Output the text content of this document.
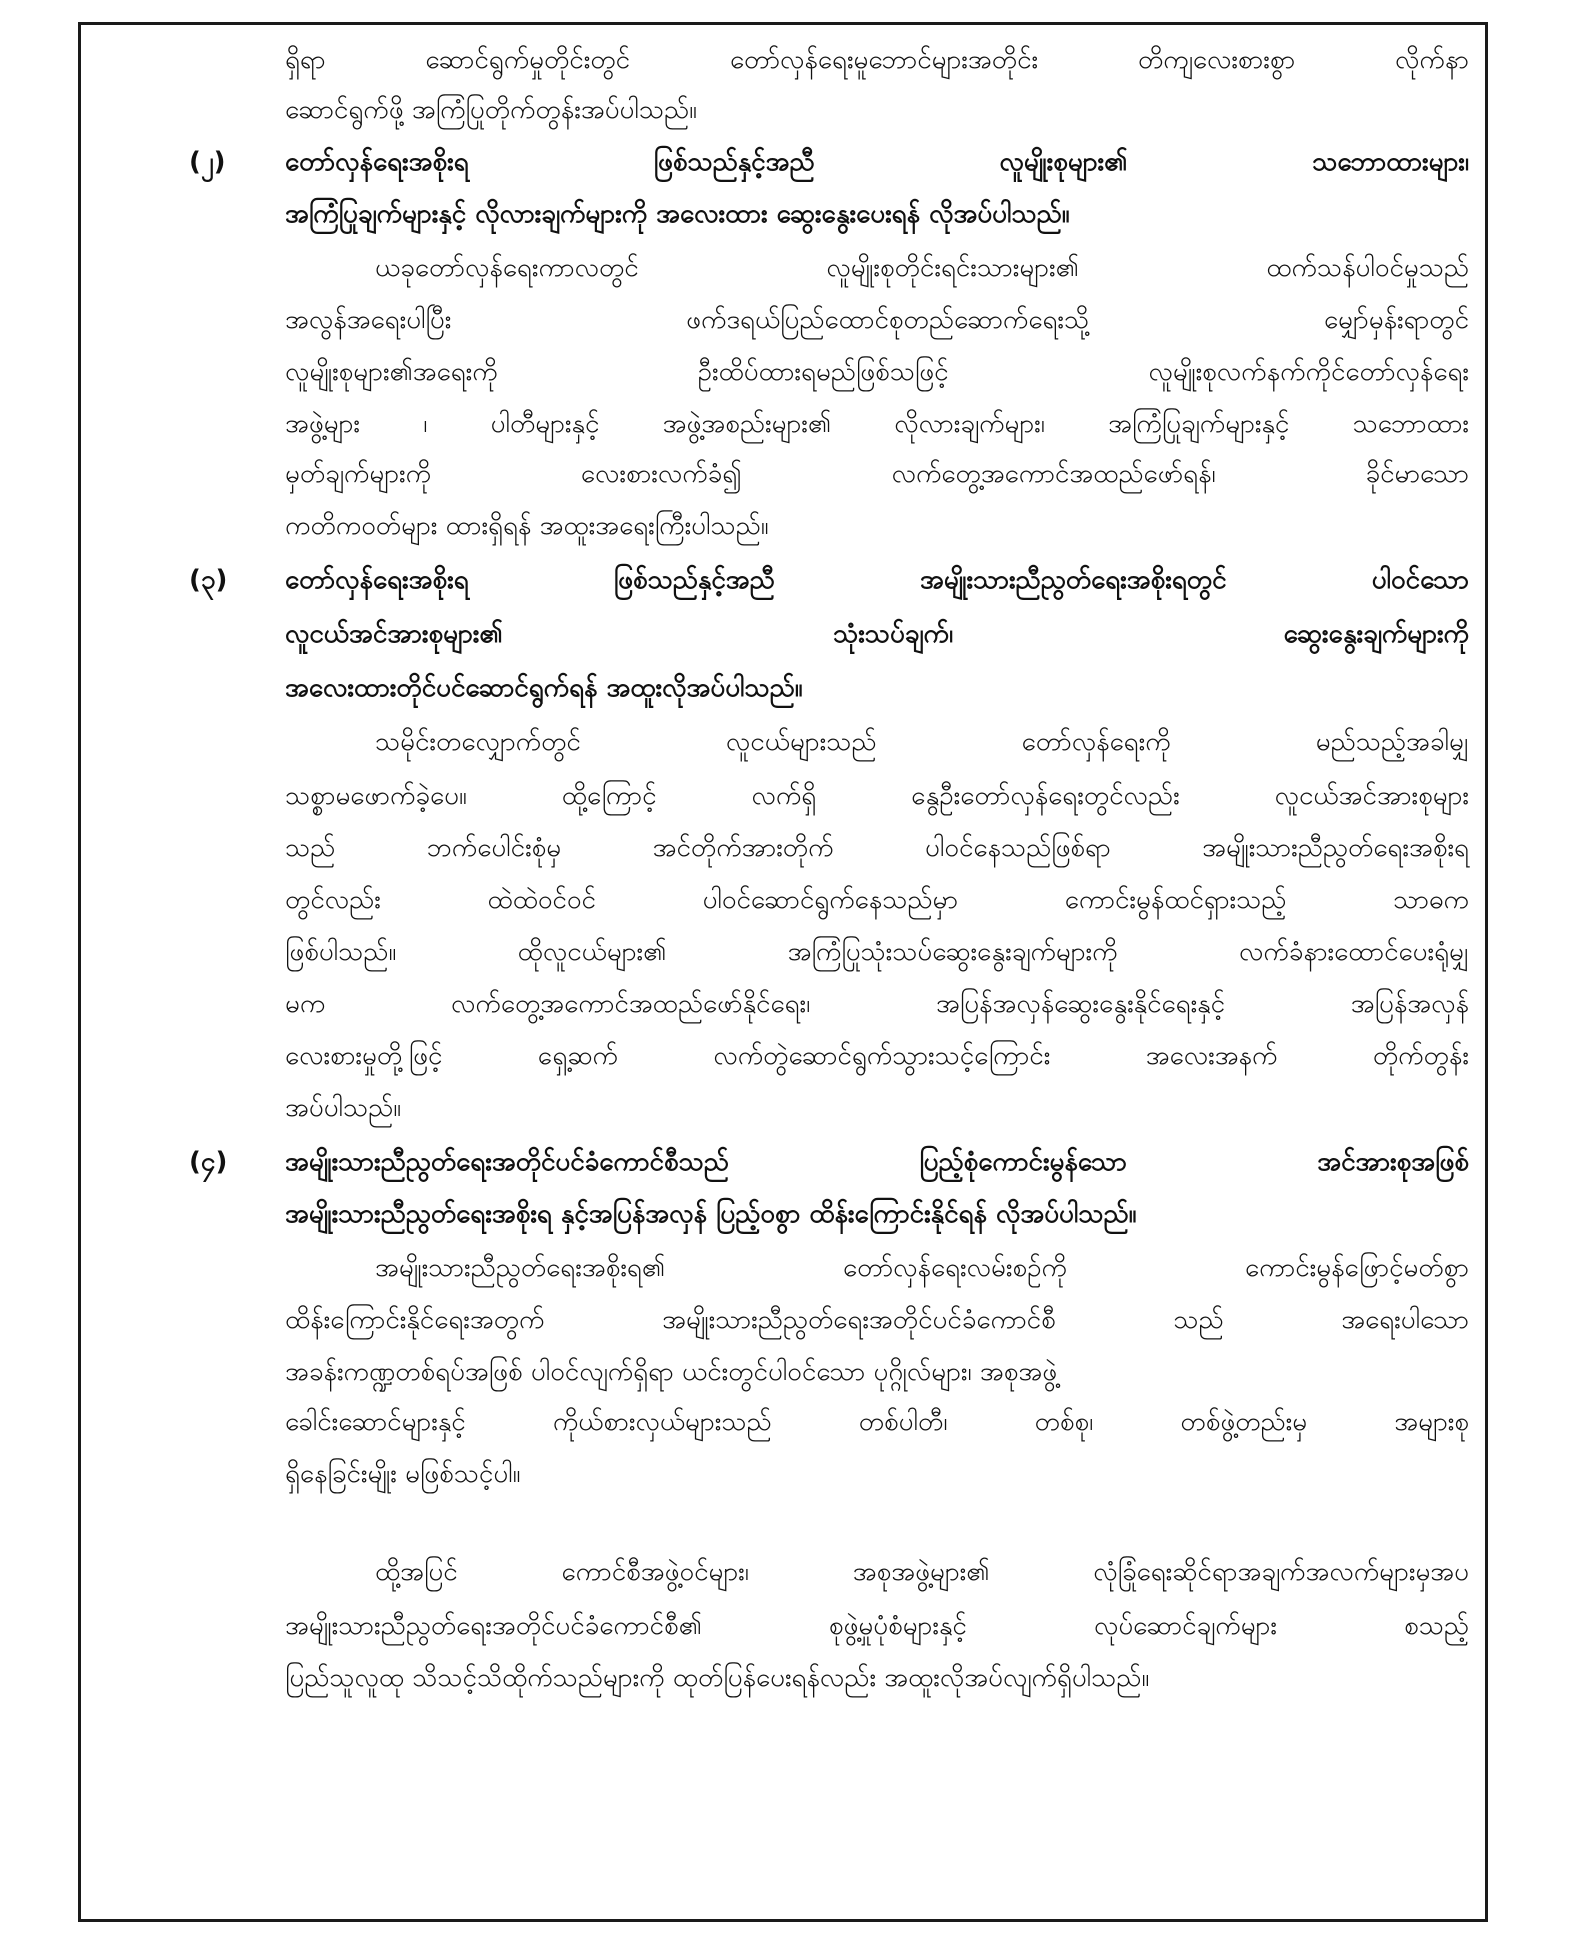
ရှိရာ ဆောင်ရွက်မှုတိုင်းတွင် တော်လှန်ရေးမူဘောင်များအတိုင်း တိကျလေးစားစွာ လိုက်နာ
ဆောင်ရွက်ဖို့ အကြံပြုတိုက်တွန်းအပ်ပါသည်။
(၂)	တော်လှန်ရေးအစိုးရ ဖြစ်သည်နှင့်အညီ လူမျိုးစုများ၏ သဘောထားများ၊
အကြံပြုချက်များနှင့် လိုလားချက်များကို အလေးထား ဆွေးနွေးပေးရန် လိုအပ်ပါသည်။
ယခုတော်လှန်ရေးကာလတွင် လူမျိုးစုတိုင်းရင်းသားများ၏ ထက်သန်ပါဝင်မှုသည်
အလွန်အရေးပါပြီး ဖက်ဒရယ်ပြည်ထောင်စုတည်ဆောက်ရေးသို့ မျှော်မှန်းရာတွင်
လူမျိုးစုများ၏အရေးကို ဦးထိပ်ထားရမည်ဖြစ်သဖြင့် လူမျိုးစုလက်နက်ကိုင်တော်လှန်ရေး
အဖွဲ့များ ၊ ပါတီများနှင့် အဖွဲ့အစည်းများ၏ လိုလားချက်များ၊ အကြံပြုချက်များနှင့် သဘောထား
မှတ်ချက်များကို လေးစားလက်ခံ၍ လက်တွေ့အကောင်အထည်ဖော်ရန်၊ ခိုင်မာသော
ကတိကဝတ်များ ထားရှိရန် အထူးအရေးကြီးပါသည်။
(၃)	တော်လှန်ရေးအစိုးရ ဖြစ်သည်နှင့်အညီ အမျိုးသားညီညွတ်ရေးအစိုးရတွင် ပါဝင်သော
လူငယ်အင်အားစုများ၏ သုံးသပ်ချက်၊ ဆွေးနွေးချက်များကို
အလေးထားတိုင်ပင်ဆောင်ရွက်ရန် အထူးလိုအပ်ပါသည်။
သမိုင်းတလျှောက်တွင် လူငယ်များသည် တော်လှန်ရေးကို မည်သည့်အခါမျှ
သစ္စာမဖောက်ခဲ့ပေ။ ထို့ကြောင့် လက်ရှိ နွေဦးတော်လှန်ရေးတွင်လည်း လူငယ်အင်အားစုများ
သည် ဘက်ပေါင်းစုံမှ အင်တိုက်အားတိုက် ပါဝင်နေသည်ဖြစ်ရာ အမျိုးသားညီညွတ်ရေးအစိုးရ
တွင်လည်း ထဲထဲဝင်ဝင် ပါဝင်ဆောင်ရွက်နေသည်မှာ ကောင်းမွန်ထင်ရှားသည့် သာဓက
ဖြစ်ပါသည်။ ထိုလူငယ်များ၏ အကြံပြုသုံးသပ်ဆွေးနွေးချက်များကို လက်ခံနားထောင်ပေးရုံမျှ
မက လက်တွေ့အကောင်အထည်ဖော်နိုင်ရေး၊ အပြန်အလှန်ဆွေးနွေးနိုင်ရေးနှင့် အပြန်အလှန်
လေးစားမှုတို့ဖြင့် ရှေ့ဆက် လက်တွဲဆောင်ရွက်သွားသင့်ကြောင်း အလေးအနက် တိုက်တွန်း
အပ်ပါသည်။
(၄)	အမျိုးသားညီညွတ်ရေးအတိုင်ပင်ခံကောင်စီသည် ပြည့်စုံကောင်းမွန်သော အင်အားစုအဖြစ်
အမျိုးသားညီညွတ်ရေးအစိုးရ နှင့်အပြန်အလှန် ပြည့်ဝစွာ ထိန်းကြောင်းနိုင်ရန် လိုအပ်ပါသည်။
အမျိုးသားညီညွတ်ရေးအစိုးရ၏ တော်လှန်ရေးလမ်းစဉ်ကို ကောင်းမွန်ဖြောင့်မတ်စွာ
ထိန်းကြောင်းနိုင်ရေးအတွက် အမျိုးသားညီညွတ်ရေးအတိုင်ပင်ခံကောင်စီ သည် အရေးပါသော
အခန်းကဏ္ဍတစ်ရပ်အဖြစ် ပါဝင်လျက်ရှိရာ ယင်းတွင်ပါဝင်သော ပုဂ္ဂိုလ်များ၊ အစုအဖွဲ့
ခေါင်းဆောင်များနှင့် ကိုယ်စားလှယ်များသည် တစ်ပါတီ၊ တစ်စု၊ တစ်ဖွဲ့တည်းမှ အများစု
ရှိနေခြင်းမျိုး မဖြစ်သင့်ပါ။
ထို့အပြင် ကောင်စီအဖွဲ့ဝင်များ၊ အစုအဖွဲ့များ၏ လုံခြုံရေးဆိုင်ရာအချက်အလက်များမှအပ
အမျိုးသားညီညွတ်ရေးအတိုင်ပင်ခံကောင်စီ၏ စုဖွဲ့မှုပုံစံများနှင့် လုပ်ဆောင်ချက်များ စသည့်
ပြည်သူလူထု သိသင့်သိထိုက်သည်များကို ထုတ်ပြန်ပေးရန်လည်း အထူးလိုအပ်လျက်ရှိပါသည်။
